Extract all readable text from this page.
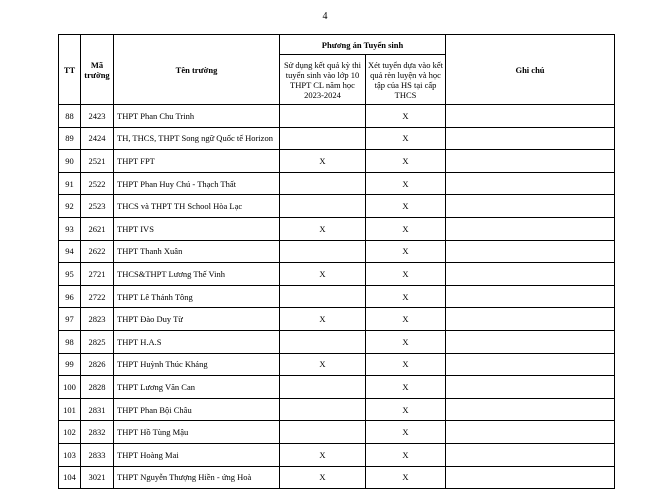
4
TT	Mã trường	Tên trường	Phương án Tuyển sinh		Ghi chú
			Sử dụng kết quả kỳ thi tuyển sinh vào lớp 10 THPT CL năm học 2023-2024	Xét tuyển dựa vào kết quả rèn luyện và học tập của HS tại cấp THCS	
88	2423	THPT Phan Chu Trinh		X	
89	2424	TH, THCS, THPT Song ngữ Quốc tế Horizon		X	
90	2521	THPT FPT	X	X	
91	2522	THPT Phan Huy Chú - Thạch Thất		X	
92	2523	THCS và THPT TH School Hòa Lạc		X	
93	2621	THPT IVS	X	X	
94	2622	THPT Thanh Xuân		X	
95	2721	THCS&THPT Lương Thế Vinh	X	X	
96	2722	THPT Lê Thánh Tông		X	
97	2823	THPT Đào Duy Từ	X	X	
98	2825	THPT H.A.S		X	
99	2826	THPT Huỳnh Thúc Kháng	X	X	
100	2828	THPT Lương Văn Can		X	
101	2831	THPT Phan Bội Châu		X	
102	2832	THPT Hồ Tùng Mậu		X	
103	2833	THPT Hoàng Mai	X	X	
104	3021	THPT Nguyễn Thượng Hiền - ứng Hoà	X	X	
